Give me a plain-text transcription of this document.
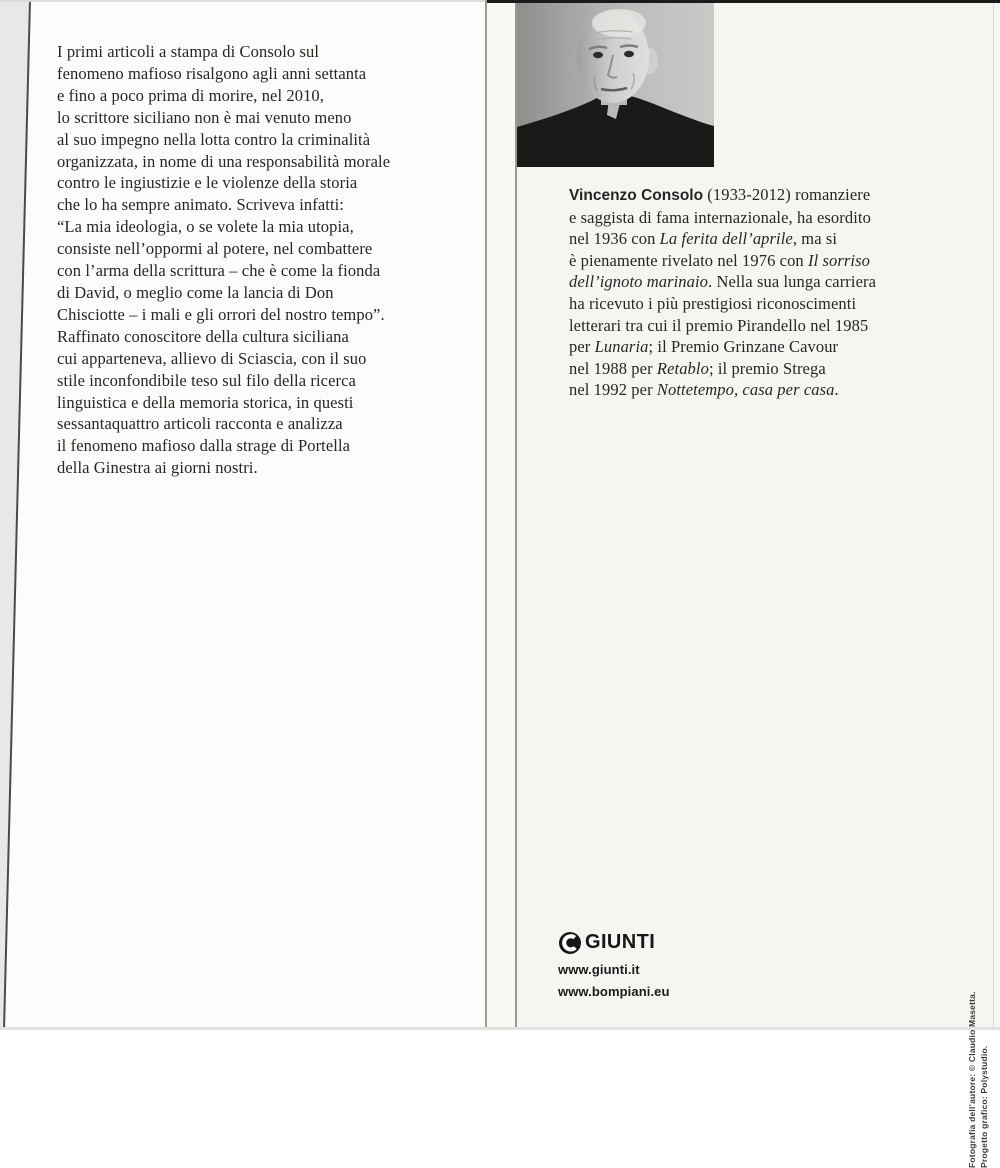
I primi articoli a stampa di Consolo sul
fenomeno mafioso risalgono agli anni settanta
e fino a poco prima di morire, nel 2010,
lo scrittore siciliano non è mai venuto meno
al suo impegno nella lotta contro la criminalità
organizzata, in nome di una responsabilità morale
contro le ingiustizie e le violenze della storia
che lo ha sempre animato. Scriveva infatti:
“La mia ideologia, o se volete la mia utopia,
consiste nell’oppormi al potere, nel combattere
con l’arma della scrittura – che è come la fionda
di David, o meglio come la lancia di Don
Chisciotte – i mali e gli orrori del nostro tempo”.
Raffinato conoscitore della cultura siciliana
cui apparteneva, allievo di Sciascia, con il suo
stile inconfondibile teso sul filo della ricerca
linguistica e della memoria storica, in questi
sessantaquattro articoli racconta e analizza
il fenomeno mafioso dalla strage di Portella
della Ginestra ai giorni nostri.
Vincenzo Consolo (1933-2012) romanziere
e saggista di fama internazionale, ha esordito
nel 1936 con La ferita dell’aprile, ma si
è pienamente rivelato nel 1976 con Il sorriso
dell’ignoto marinaio. Nella sua lunga carriera
ha ricevuto i più prestigiosi riconoscimenti
letterari tra cui il premio Pirandello nel 1985
per Lunaria; il Premio Grinzane Cavour
nel 1988 per Retablo; il premio Strega
nel 1992 per Nottetempo, casa per casa.
GIUNTI
www.giunti.it
www.bompiani.eu
Fotografia dell’autore: © Claudio Masetta. Progetto grafico: Polystudio.
